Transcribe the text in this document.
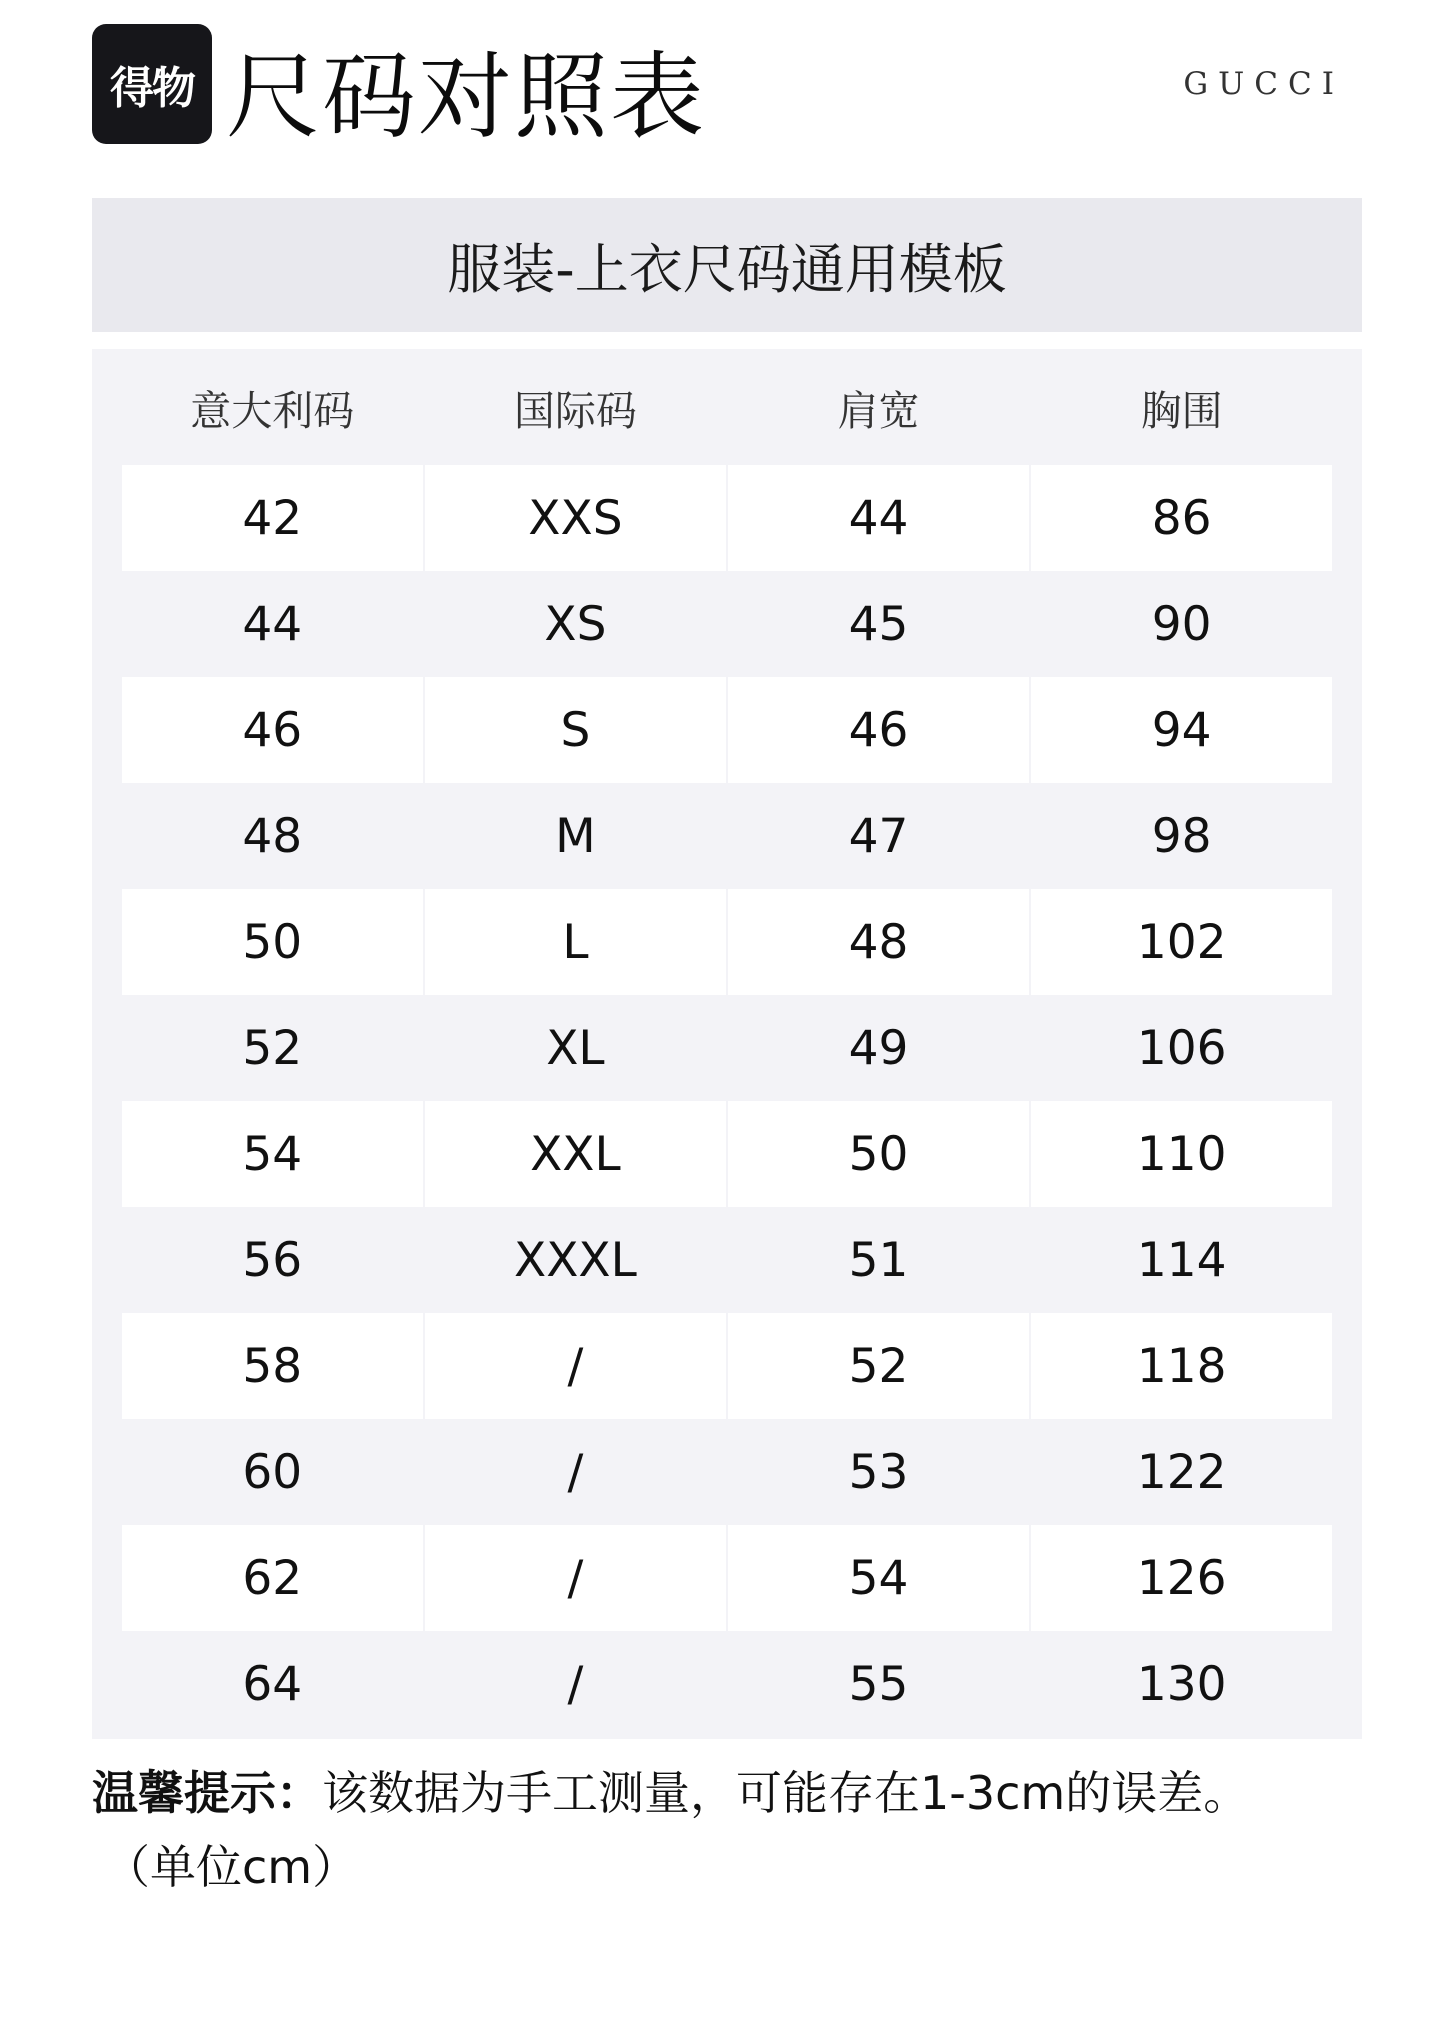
得物 尺码对照表	GUCCI
服装-上衣尺码通用模板
意大利码	国际码	肩宽	胸围
42	XXS	44	86
44	XS	45	90
46	S	46	94
48	M	47	98
50	L	48	102
52	XL	49	106
54	XXL	50	110
56	XXXL	51	114
58	/	52	118
60	/	53	122
62	/	54	126
64	/	55	130
温馨提示：该数据为手工测量，可能存在1-3cm的误差。
（单位cm）
